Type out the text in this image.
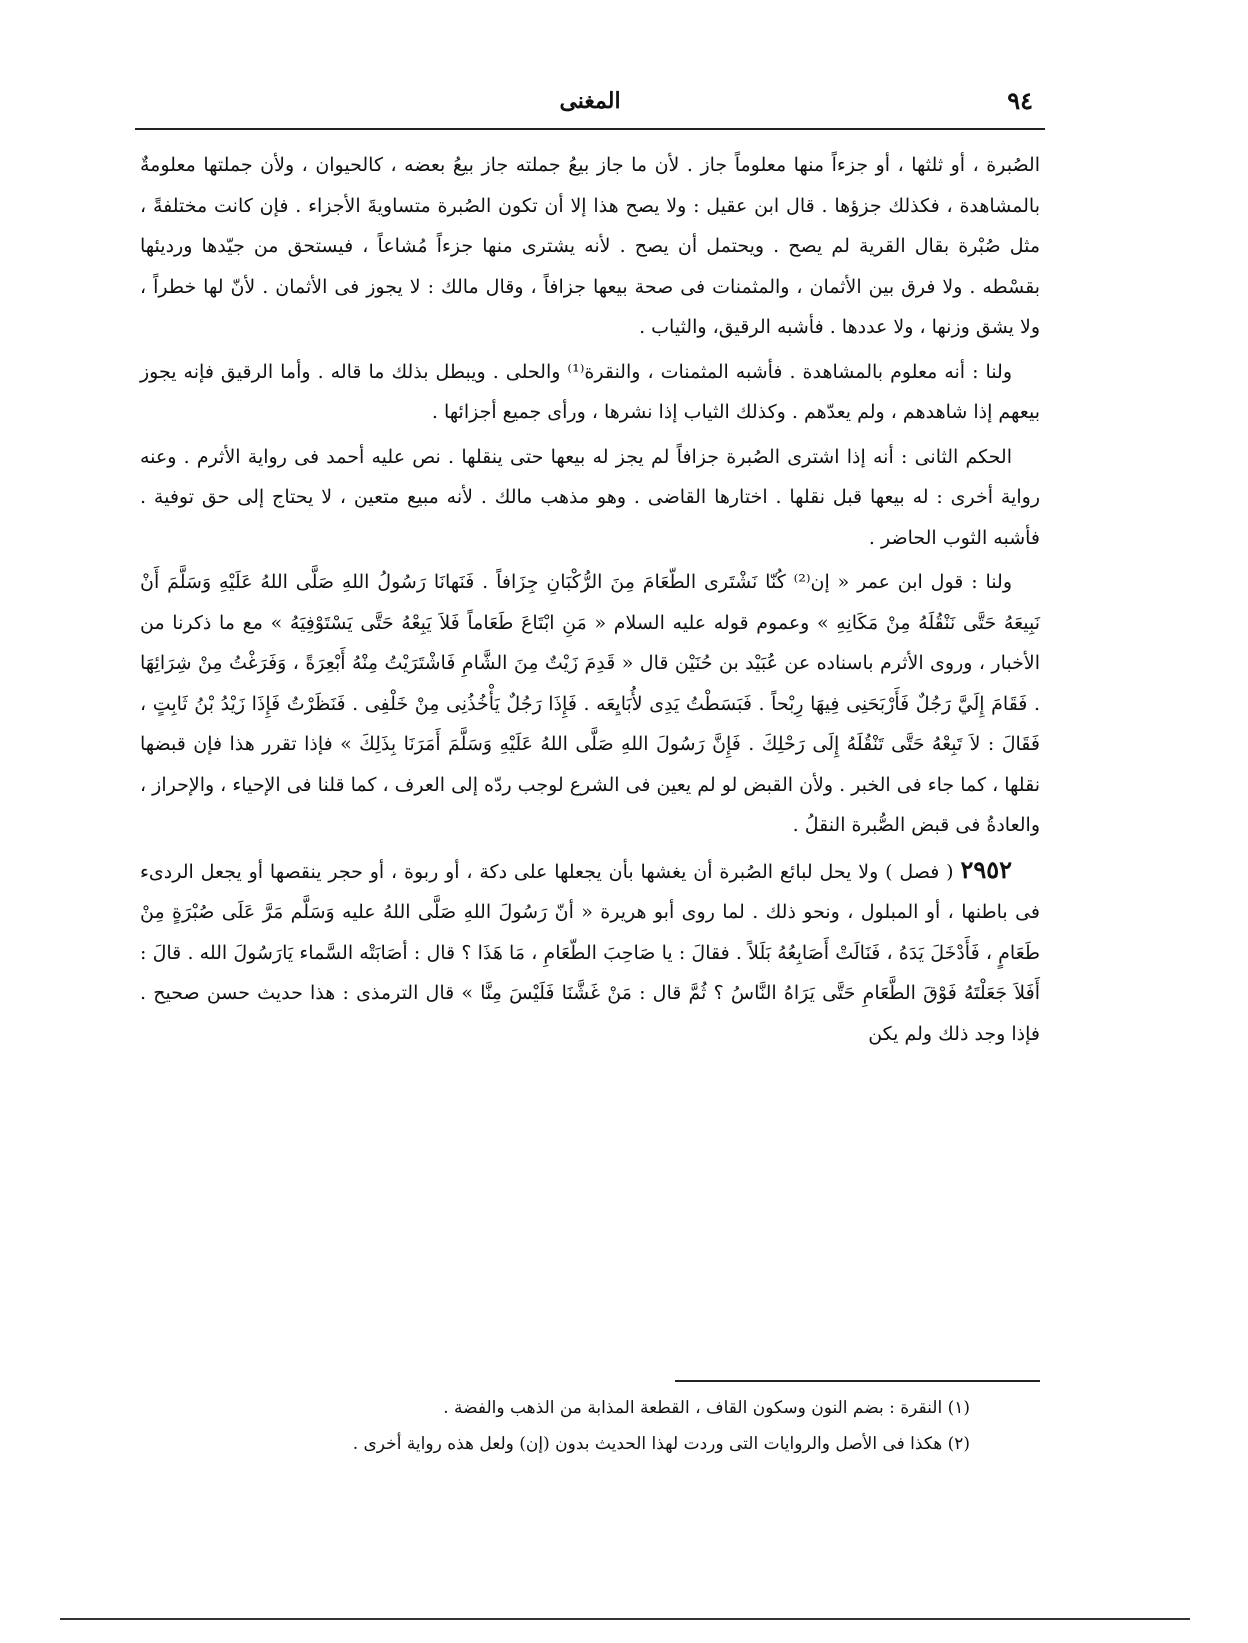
٩٤
المغنى

الصُبرة ، أو ثلثها ، أو جزءاً منها معلوماً جاز . لأن ما جاز بيعُ جملته جاز بيعُ بعضه ، كالحيوان ، ولأن جملتها معلومةٌ بالمشاهدة ، فكذلك جزؤها . قال ابن عقيل : ولا يصح هذا إلا أن تكون الصُبرة متساويةَ الأجزاء . فإن كانت مختلفةً ، مثل صُبْرة بقال القرية لم يصح . ويحتمل أن يصح . لأنه يشترى منها جزءاً مُشاعاً ، فيستحق من جيّدها ورديئها بقسْطه . ولا فرق بين الأثمان ، والمثمنات فى صحة بيعها جزافاً ، وقال مالك : لا يجوز فى الأثمان . لأنّ لها خطراً ، ولا يشق وزنها ، ولا عددها . فأشبه الرقيق، والثياب .

ولنا : أنه معلوم بالمشاهدة . فأشبه المثمنات ، والنقرة⁽¹⁾ والحلى . ويبطل بذلك ما قاله . وأما الرقيق فإنه يجوز بيعهم إذا شاهدهم ، ولم يعدّهم . وكذلك الثياب إذا نشرها ، ورأى جميع أجزائها .

الحكم الثانى : أنه إذا اشترى الصُبرة جزافاً لم يجز له بيعها حتى ينقلها . نص عليه أحمد فى رواية الأثرم . وعنه رواية أخرى : له بيعها قبل نقلها . اختارها القاضى . وهو مذهب مالك . لأنه مبيع متعين ، لا يحتاج إلى حق توفية . فأشبه الثوب الحاضر .

ولنا : قول ابن عمر « إن⁽²⁾ كُنّا نَشْتَرى الطّعَامَ مِنَ الرُّكْبَانِ جِزَافاً . فَنَهانَا رَسُولُ اللهِ صَلَّى اللهُ عَلَيْهِ وَسَلَّمَ أَنْ نَبِيعَهُ حَتَّى نَنْقُلَهُ مِنْ مَكَانِهِ » وعموم قوله عليه السلام « مَنِ ابْتَاعَ طَعَاماً فَلاَ يَبِعْهُ حَتَّى يَسْتَوْفِيَهُ » مع ما ذكرنا من الأخبار ، وروى الأثرم باسناده عن عُبَيْد بن حُنَيْن قال « قَدِمَ زَيْتٌ مِنَ الشَّامِ فَاشْتَرَيْتُ مِنْهُ أَبْعِرَةً ، وَفَرَغْتُ مِنْ شِرَائِهَا . فَقَامَ إِلَيَّ رَجُلٌ فَأَرْبَحَنِى فِيهَا رِبْحاً . فَبَسَطْتُ يَدِى لأُبَايِعَه . فَإِذَا رَجُلٌ يَأْخُذُنِى مِنْ خَلْفِى . فَنَظَرْتُ فَإِذَا زَيْدُ بْنُ ثَابِتٍ ، فَقَالَ : لاَ تَبِعْهُ حَتَّى تَنْقُلَهُ إِلَى رَحْلِكَ . فَإِنَّ رَسُولَ اللهِ صَلَّى اللهُ عَلَيْهِ وَسَلَّمَ أَمَرَنَا بِذَلِكَ » فإذا تقرر هذا فإن قبضها نقلها ، كما جاء فى الخبر . ولأن القبض لو لم يعين فى الشرع لوجب ردّه إلى العرف ، كما قلنا فى الإحياء ، والإحراز ، والعادةُ فى قبض الصُّبرة النقلُ .

٢٩٥٢ ( فصل ) ولا يحل لبائع الصُبرة أن يغشها بأن يجعلها على دكة ، أو ربوة ، أو حجر ينقصها أو يجعل الردىء فى باطنها ، أو المبلول ، ونحو ذلك . لما روى أبو هريرة « أنّ رَسُولَ اللهِ صَلَّى اللهُ عليه وَسَلَّم مَرَّ عَلَى صُبْرَةٍ مِنْ طَعَامٍ ، فَأَدْخَلَ يَدَهُ ، فَنَالَتْ أَصَابِعُهُ بَلَلاً . فقالَ : يا صَاحِبَ الطّعَامِ ، مَا هَذَا ؟ قال : أصَابَتْه السَّماء يَارَسُولَ الله . قالَ : أَفَلاَ جَعَلْتَهُ فَوْقَ الطَّعَامِ حَتَّى يَرَاهُ النَّاسُ ؟ ثُمَّ قال : مَنْ غَشَّنَا فَلَيْسَ مِنَّا » قال الترمذى : هذا حديث حسن صحيح . فإذا وجد ذلك ولم يكن

(١) النقرة : بضم النون وسكون القاف ، القطعة المذابة من الذهب والفضة .

(٢) هكذا فى الأصل والروايات التى وردت لهذا الحديث بدون (إن) ولعل هذه رواية أخرى .
